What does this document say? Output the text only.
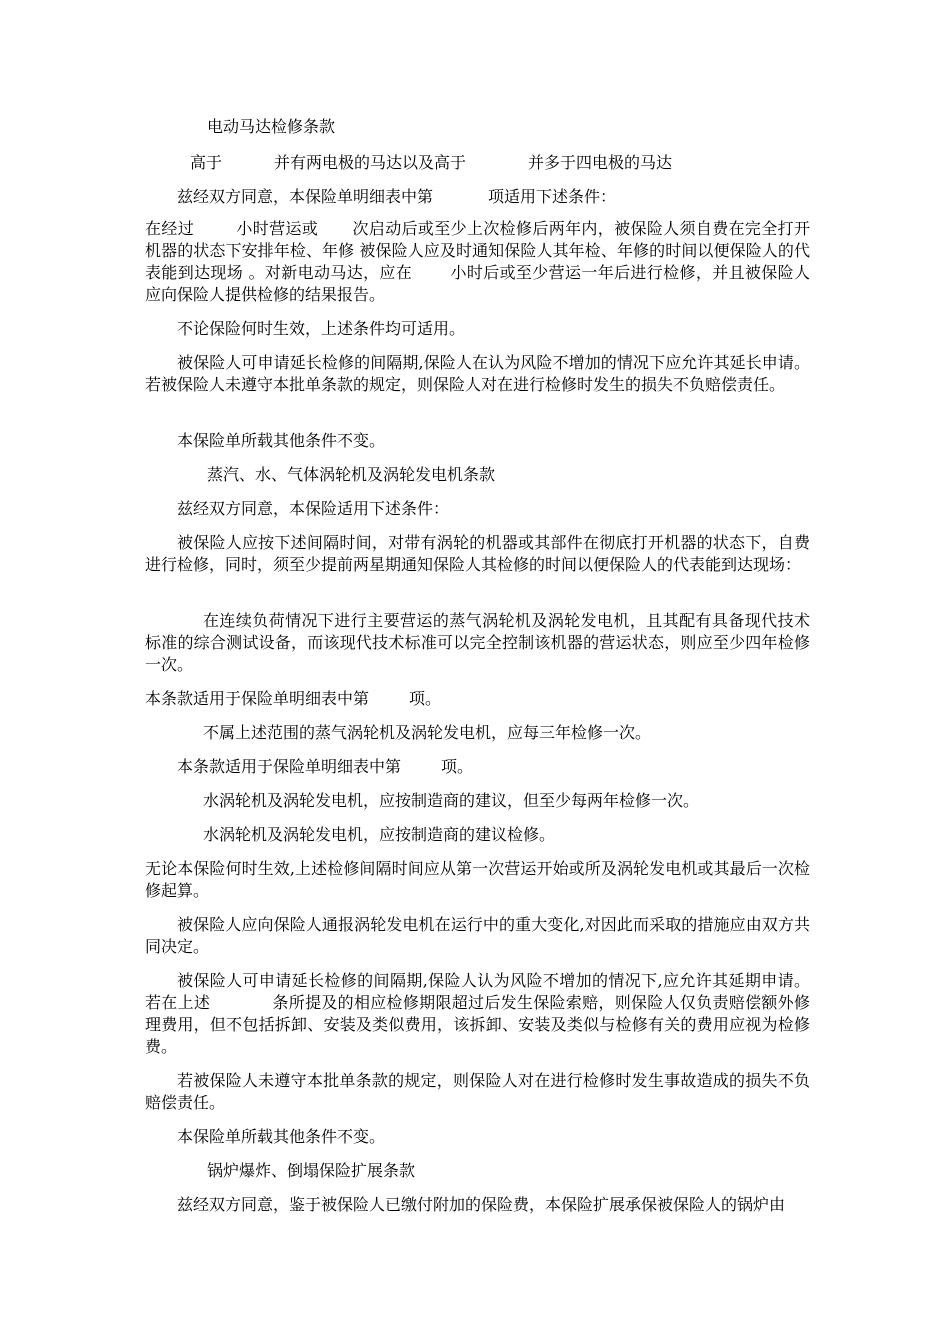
电动马达检修条款
高于	并有两电极的马达以及高于	并多于四电极的马达
兹经双方同意，本保险单明细表中第	项适用下述条件：
在经过	小时营运或 次启动后或至少上次检修后两年内，被保险人须自费在完全打开机器的状态下安排年检、年修 被保险人应及时通知保险人其年检、年修的时间以便保险人的代表能到达现场 。对新电动马达，应在 小时后或至少营运一年后进行检修，并且被保险人应向保险人提供检修的结果报告。
不论保险何时生效，上述条件均可适用。
被保险人可申请延长检修的间隔期,保险人在认为风险不增加的情况下应允许其延长申请。若被保险人未遵守本批单条款的规定，则保险人对在进行检修时发生的损失不负赔偿责任。
本保险单所载其他条件不变。
蒸汽、水、气体涡轮机及涡轮发电机条款
兹经双方同意，本保险适用下述条件：
被保险人应按下述间隔时间，对带有涡轮的机器或其部件在彻底打开机器的状态下，自费进行检修，同时，须至少提前两星期通知保险人其检修的时间以便保险人的代表能到达现场：
在连续负荷情况下进行主要营运的蒸气涡轮机及涡轮发电机，且其配有具备现代技术标准的综合测试设备，而该现代技术标准可以完全控制该机器的营运状态，则应至少四年检修一次。
本条款适用于保险单明细表中第	项。
不属上述范围的蒸气涡轮机及涡轮发电机，应每三年检修一次。
本条款适用于保险单明细表中第	项。
水涡轮机及涡轮发电机，应按制造商的建议，但至少每两年检修一次。
水涡轮机及涡轮发电机，应按制造商的建议检修。
无论本保险何时生效,上述检修间隔时间应从第一次营运开始或所及涡轮发电机或其最后一次检修起算。
被保险人应向保险人通报涡轮发电机在运行中的重大变化,对因此而采取的措施应由双方共同决定。
被保险人可申请延长检修的间隔期,保险人认为风险不增加的情况下,应允许其延期申请。若在上述	条所提及的相应检修期限超过后发生保险索赔，则保险人仅负责赔偿额外修理费用，但不包括拆卸、安装及类似费用，该拆卸、安装及类似与检修有关的费用应视为检修费。
若被保险人未遵守本批单条款的规定，则保险人对在进行检修时发生事故造成的损失不负赔偿责任。
本保险单所载其他条件不变。
锅炉爆炸、倒塌保险扩展条款
兹经双方同意，鉴于被保险人已缴付附加的保险费，本保险扩展承保被保险人的锅炉由
